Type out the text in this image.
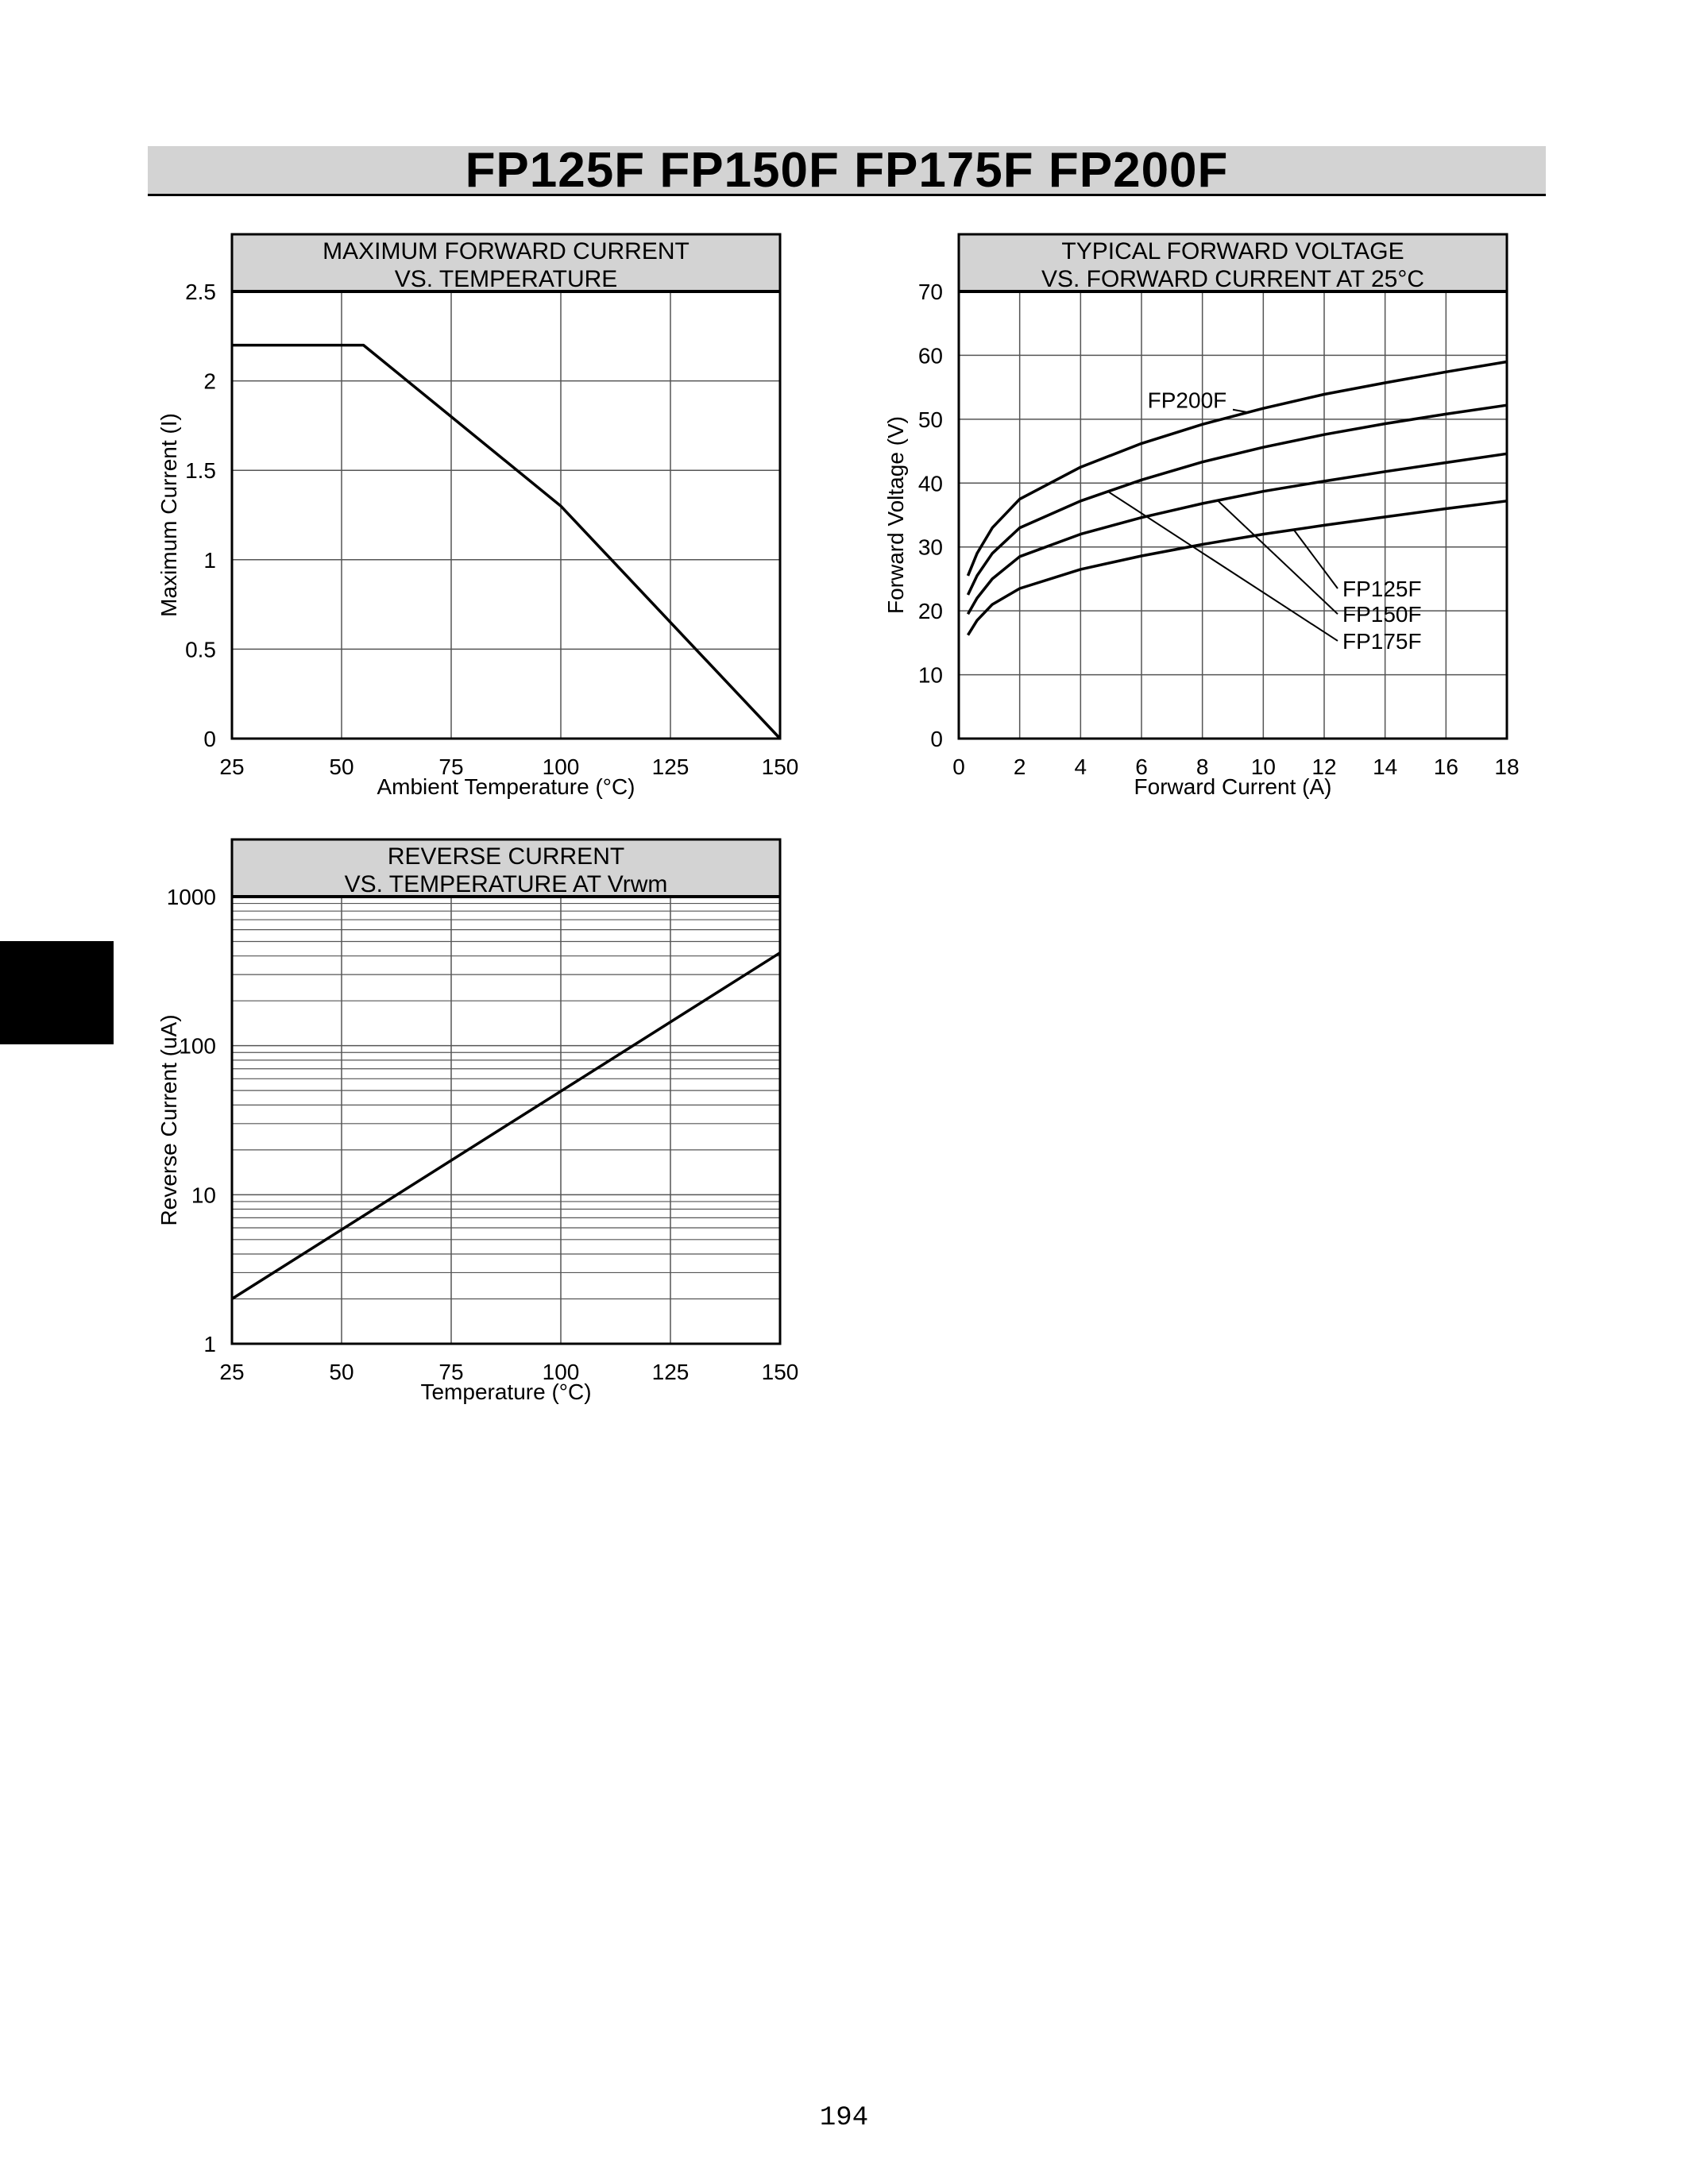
FP125F FP150F FP175F FP200F
MAXIMUM FORWARD CURRENT
VS. TEMPERATURE
25	50	75	100	125	150
0
0.5
1
1.5
2
2.5
Ambient Temperature (°C)
Maximum Current (I)
TYPICAL FORWARD VOLTAGE
VS. FORWARD CURRENT AT 25°C
0 2 4 6 8 10 12 14 16 18
0
10
20
30
40
50
60
70
Forward Current (A)
Forward Voltage (V)
FP200F
FP125F
FP150F
FP175F
REVERSE CURRENT
VS. TEMPERATURE AT Vrwm
25	50	75	100	125	150
1
10
100
1000
Temperature (°C)
Reverse Current (uA)
194
